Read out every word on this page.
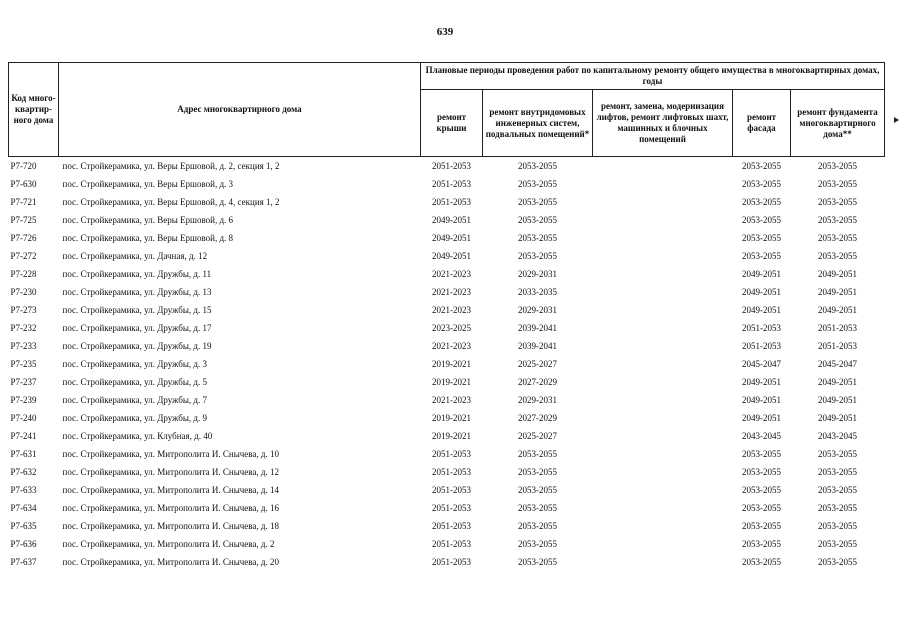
639
Код много-квартир-ного дома	Адрес многоквартирного дома	Плановые периоды проведения работ по капитальному ремонту общего имущества в многоквартирных домах, годы				
		ремонт крыши	ремонт внутридомовых инженерных систем, подвальных помещений*	ремонт, замена, модернизация лифтов, ремонт лифтовых шахт, машинных и блочных помещений	ремонт фасада	ремонт фундамента многоквартирного дома**
P7-720	пос. Стройкерамика, ул. Веры Ершовой, д. 2, секция 1, 2	2051-2053	2053-2055		2053-2055	2053-2055
P7-630	пос. Стройкерамика, ул. Веры Ершовой, д. 3	2051-2053	2053-2055		2053-2055	2053-2055
P7-721	пос. Стройкерамика, ул. Веры Ершовой, д. 4, секция 1, 2	2051-2053	2053-2055		2053-2055	2053-2055
P7-725	пос. Стройкерамика, ул. Веры Ершовой, д. 6	2049-2051	2053-2055		2053-2055	2053-2055
P7-726	пос. Стройкерамика, ул. Веры Ершовой, д. 8	2049-2051	2053-2055		2053-2055	2053-2055
P7-272	пос. Стройкерамика, ул. Дачная, д. 12	2049-2051	2053-2055		2053-2055	2053-2055
P7-228	пос. Стройкерамика, ул. Дружбы, д. 11	2021-2023	2029-2031		2049-2051	2049-2051
P7-230	пос. Стройкерамика, ул. Дружбы, д. 13	2021-2023	2033-2035		2049-2051	2049-2051
P7-273	пос. Стройкерамика, ул. Дружбы, д. 15	2021-2023	2029-2031		2049-2051	2049-2051
P7-232	пос. Стройкерамика, ул. Дружбы, д. 17	2023-2025	2039-2041		2051-2053	2051-2053
P7-233	пос. Стройкерамика, ул. Дружбы, д. 19	2021-2023	2039-2041		2051-2053	2051-2053
P7-235	пос. Стройкерамика, ул. Дружбы, д. 3	2019-2021	2025-2027		2045-2047	2045-2047
P7-237	пос. Стройкерамика, ул. Дружбы, д. 5	2019-2021	2027-2029		2049-2051	2049-2051
P7-239	пос. Стройкерамика, ул. Дружбы, д. 7	2021-2023	2029-2031		2049-2051	2049-2051
P7-240	пос. Стройкерамика, ул. Дружбы, д. 9	2019-2021	2027-2029		2049-2051	2049-2051
P7-241	пос. Стройкерамика, ул. Клубная, д. 40	2019-2021	2025-2027		2043-2045	2043-2045
P7-631	пос. Стройкерамика, ул. Митрополита И. Снычева, д. 10	2051-2053	2053-2055		2053-2055	2053-2055
P7-632	пос. Стройкерамика, ул. Митрополита И. Снычева, д. 12	2051-2053	2053-2055		2053-2055	2053-2055
P7-633	пос. Стройкерамика, ул. Митрополита И. Снычева, д. 14	2051-2053	2053-2055		2053-2055	2053-2055
P7-634	пос. Стройкерамика, ул. Митрополита И. Снычева, д. 16	2051-2053	2053-2055		2053-2055	2053-2055
P7-635	пос. Стройкерамика, ул. Митрополита И. Снычева, д. 18	2051-2053	2053-2055		2053-2055	2053-2055
P7-636	пос. Стройкерамика, ул. Митрополита И. Снычева, д. 2	2051-2053	2053-2055		2053-2055	2053-2055
P7-637	пос. Стройкерамика, ул. Митрополита И. Снычева, д. 20	2051-2053	2053-2055		2053-2055	2053-2055
